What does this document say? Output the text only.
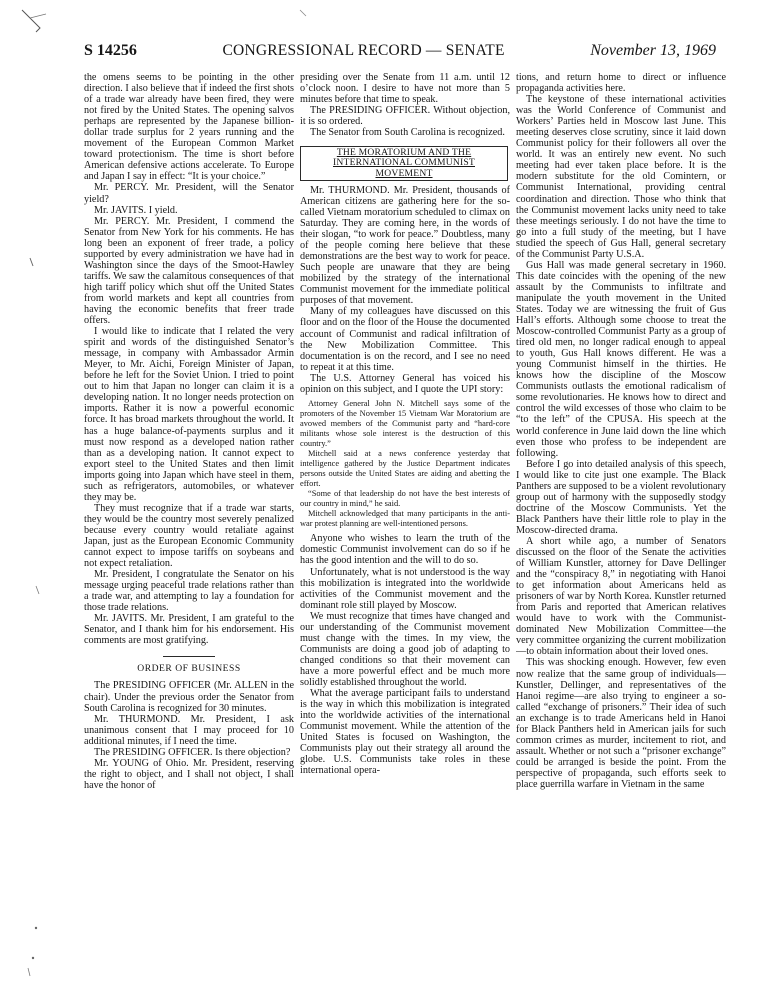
S 14256	CONGRESSIONAL RECORD — SENATE	November 13, 1969

the omens seems to be pointing in the other direction. I also believe that if indeed the first shots of a trade war already have been fired, they were not fired by the United States. The opening salvos perhaps are represented by the Japanese billion-dollar trade surplus for 2 years running and the movement of the European Common Market toward protectionism. The time is short before American defensive actions accelerate. To Europe and Japan I say in effect: “It is your choice.”

Mr. PERCY. Mr. President, will the Senator yield?

Mr. JAVITS. I yield.

Mr. PERCY. Mr. President, I commend the Senator from New York for his comments. He has long been an exponent of freer trade, a policy supported by every administration we have had in Washington since the days of the Smoot-Hawley tariffs. We saw the calamitous consequences of that high tariff policy which shut off the United States from world markets and kept all countries from having the economic benefits that freer trade offers.

I would like to indicate that I related the very spirit and words of the distinguished Senator’s message, in company with Ambassador Armin Meyer, to Mr. Aichi, Foreign Minister of Japan, before he left for the Soviet Union. I tried to point out to him that Japan no longer can claim it is a developing nation. It no longer needs protection on imports. Rather it is now a powerful economic force. It has broad markets throughout the world. It has a huge balance-of-payments surplus and it must now respond as a developed nation rather than as a developing nation. It cannot expect to export steel to the United States and then limit imports going into Japan which have steel in them, such as refrigerators, automobiles, or whatever they may be.

They must recognize that if a trade war starts, they would be the country most severely penalized because every country would retaliate against Japan, just as the European Economic Community cannot expect to impose tariffs on soybeans and not expect retaliation.

Mr. President, I congratulate the Senator on his message urging peaceful trade relations rather than a trade war, and attempting to lay a foundation for those trade relations.

Mr. JAVITS. Mr. President, I am grateful to the Senator, and I thank him for his endorsement. His comments are most gratifying.

ORDER OF BUSINESS

The PRESIDING OFFICER (Mr. ALLEN in the chair). Under the previous order the Senator from South Carolina is recognized for 30 minutes.

Mr. THURMOND. Mr. President, I ask unanimous consent that I may proceed for 10 additional minutes, if I need the time.

The PRESIDING OFFICER. Is there objection?

Mr. YOUNG of Ohio. Mr. President, reserving the right to object, and I shall not object, I shall have the honor of

presiding over the Senate from 11 a.m. until 12 o’clock noon. I desire to have not more than 5 minutes before that time to speak.

The PRESIDING OFFICER. Without objection, it is so ordered.

The Senator from South Carolina is recognized.

THE MORATORIUM AND THE INTERNATIONAL COMMUNIST MOVEMENT

Mr. THURMOND. Mr. President, thousands of American citizens are gathering here for the so-called Vietnam moratorium scheduled to climax on Saturday. They are coming here, in the words of their slogan, “to work for peace.” Doubtless, many of the people coming here believe that these demonstrations are the best way to work for peace. Such people are unaware that they are being mobilized by the strategy of the international Communist movement for the immediate political purposes of that movement.

Many of my colleagues have discussed on this floor and on the floor of the House the documented account of Communist and radical infiltration of the New Mobilization Committee. This documentation is on the record, and I see no need to repeat it at this time.

The U.S. Attorney General has voiced his opinion on this subject, and I quote the UPI story:

Attorney General John N. Mitchell says some of the promoters of the November 15 Vietnam War Moratorium are avowed members of the Communist party and “hard-core militants whose sole interest is the destruction of this country.”

Mitchell said at a news conference yesterday that intelligence gathered by the Justice Department indicates persons outside the United States are aiding and abetting the effort.

“Some of that leadership do not have the best interests of our country in mind,” he said.

Mitchell acknowledged that many participants in the anti-war protest planning are well-intentioned persons.

Anyone who wishes to learn the truth of the domestic Communist involvement can do so if he has the good intention and the will to do so.

Unfortunately, what is not understood is the way this mobilization is integrated into the worldwide activities of the Communist movement and the dominant role still played by Moscow.

We must recognize that times have changed and our understanding of the Communist movement must change with the times. In my view, the Communists are doing a good job of adapting to changed conditions so that their movement can have a more powerful effect and be much more solidly established throughout the world.

What the average participant fails to understand is the way in which this mobilization is integrated into the worldwide activities of the international Communist movement. While the attention of the United States is focused on Washington, the Communists play out their strategy all around the globe. U.S. Communists take roles in these international opera-

tions, and return home to direct or influence propaganda activities here.

The keystone of these international activities was the World Conference of Communist and Workers’ Parties held in Moscow last June. This meeting deserves close scrutiny, since it laid down Communist policy for their followers all over the world. It was an entirely new event. No such meeting had ever taken place before. It is the modern substitute for the old Comintern, or Communist International, providing central coordination and direction. Those who think that the Communist movement lacks unity need to take these meetings seriously. I do not have the time to go into a full study of the meeting, but I have studied the speech of Gus Hall, general secretary of the Communist Party U.S.A.

Gus Hall was made general secretary in 1960. This date coincides with the opening of the new assault by the Communists to infiltrate and manipulate the youth movement in the United States. Today we are witnessing the fruit of Gus Hall’s efforts. Although some choose to treat the Moscow-controlled Communist Party as a group of tired old men, no longer radical enough to appeal to youth, Gus Hall knows different. He was a young Communist himself in the thirties. He knows how the discipline of the Moscow Communists outlasts the emotional radicalism of some revolutionaries. He knows how to direct and control the wild excesses of those who claim to be “to the left” of the CPUSA. His speech at the world conference in June laid down the line which even those who profess to be independent are following.

Before I go into detailed analysis of this speech, I would like to cite just one example. The Black Panthers are supposed to be a violent revolutionary group out of harmony with the supposedly stodgy doctrine of the Moscow Communists. Yet the Black Panthers have their little role to play in the Moscow-directed drama.

A short while ago, a number of Senators discussed on the floor of the Senate the activities of William Kunstler, attorney for Dave Dellinger and the “conspiracy 8,” in negotiating with Hanoi to get information about Americans held as prisoners of war by North Korea. Kunstler returned from Paris and reported that American relatives would have to work with the Communist-dominated New Mobilization Committee—the very committee organizing the current mobilization—to obtain information about their loved ones.

This was shocking enough. However, few even now realize that the same group of individuals—Kunstler, Dellinger, and representatives of the Hanoi regime—are also trying to engineer a so-called “exchange of prisoners.” Their idea of such an exchange is to trade Americans held in Hanoi for Black Panthers held in American jails for such common crimes as murder, incitement to riot, and assault. Whether or not such a “prisoner exchange” could be arranged is beside the point. From the perspective of propaganda, such efforts seek to place guerrilla warfare in Vietnam in the same
